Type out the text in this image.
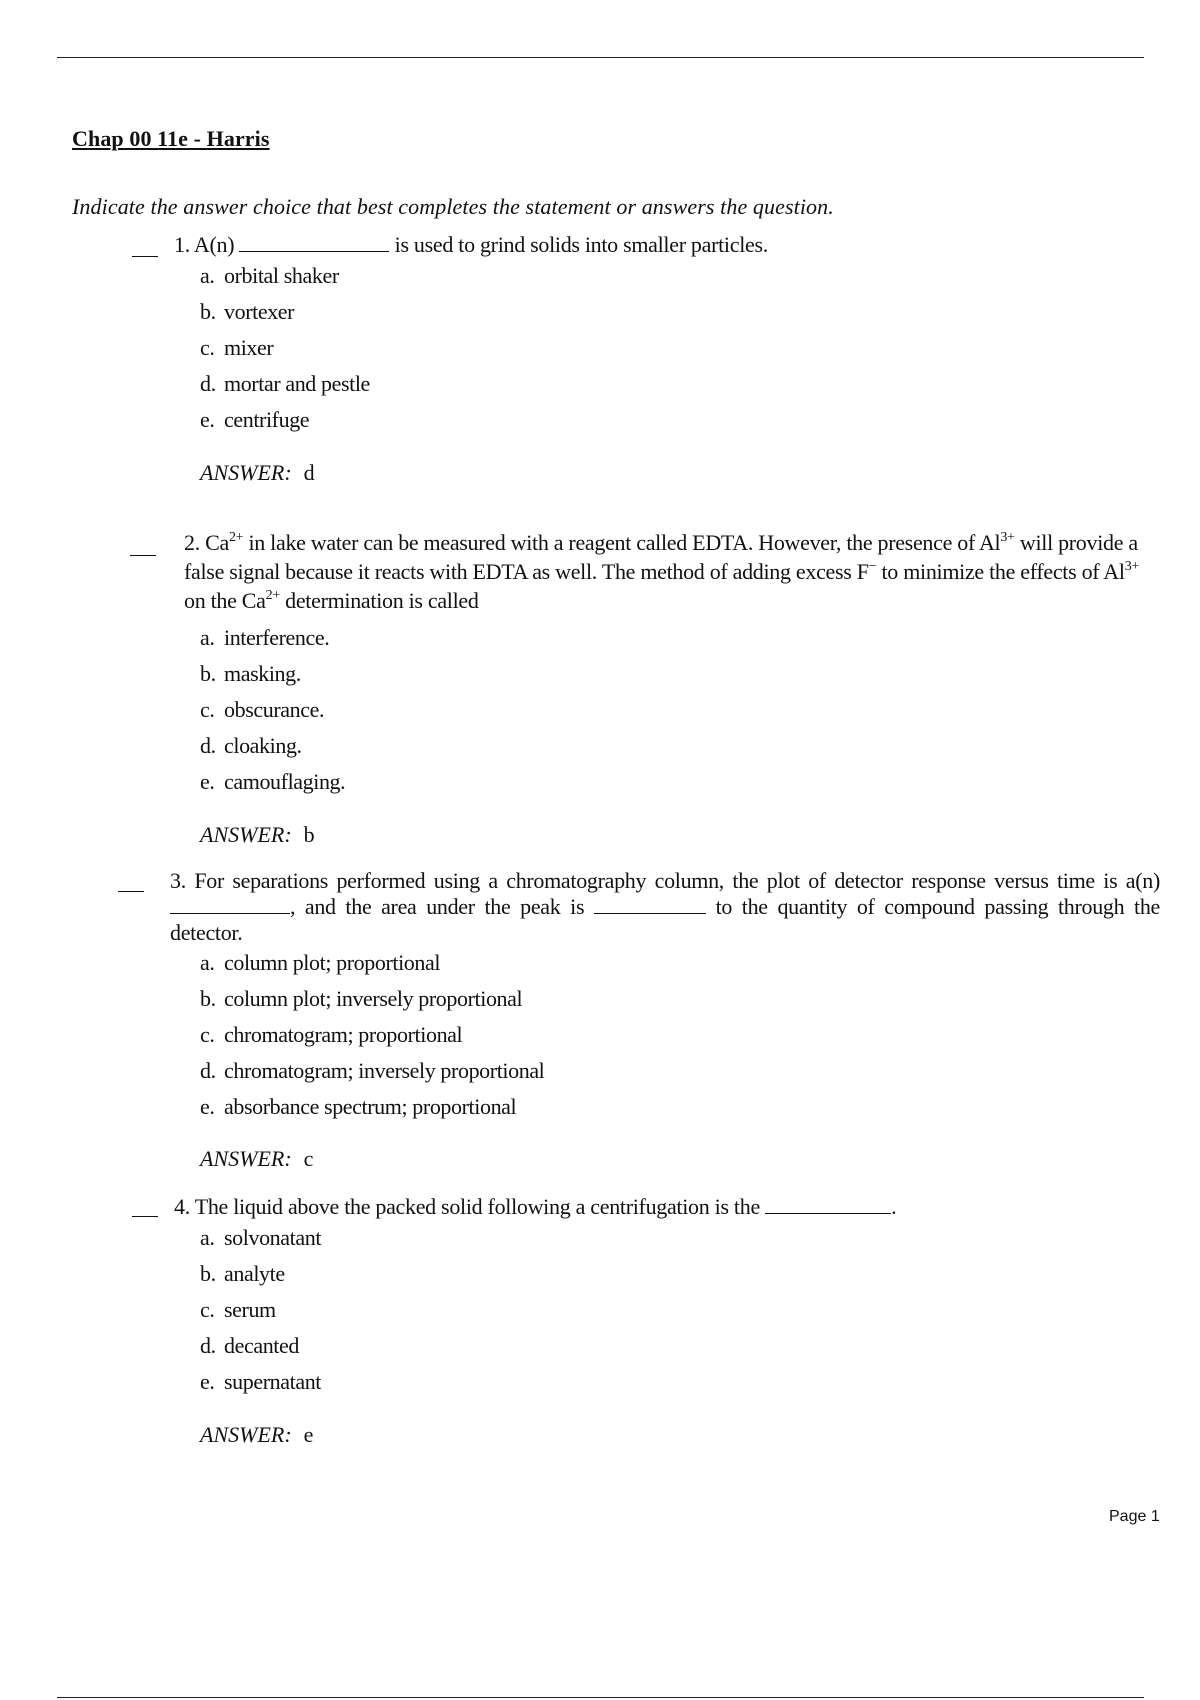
Chap 00 11e - Harris
Indicate the answer choice that best completes the statement or answers the question.
1. A(n)	is used to grind solids into smaller particles.
a. orbital shaker
b. vortexer
c. mixer
d. mortar and pestle
e. centrifuge
ANSWER: d
2. $Ca^{2+}$ in lake water can be measured with a reagent called EDTA. However, the presence of $Al^{3+}$ will provide a false signal because it reacts with EDTA as well. The method of adding excess F− to minimize the effects of $Al^{3+}$ on the $Ca^{2+}$ determination is called
a. interference.
b. masking.
c. obscurance.
d. cloaking.
e. camouflaging.
ANSWER: b
3. For separations performed using a chromatography column, the plot of detector response versus time is a(n) , and the area under the peak is	to the quantity of compound passing through the detector.
a. column plot; proportional
b. column plot; inversely proportional
c. chromatogram; proportional
d. chromatogram; inversely proportional
e. absorbance spectrum; proportional
ANSWER: c
4. The liquid above the packed solid following a centrifugation is the	.
a. solvonatant
b. analyte
c. serum
d. decanted
e. supernatant
ANSWER: e
Page 1
